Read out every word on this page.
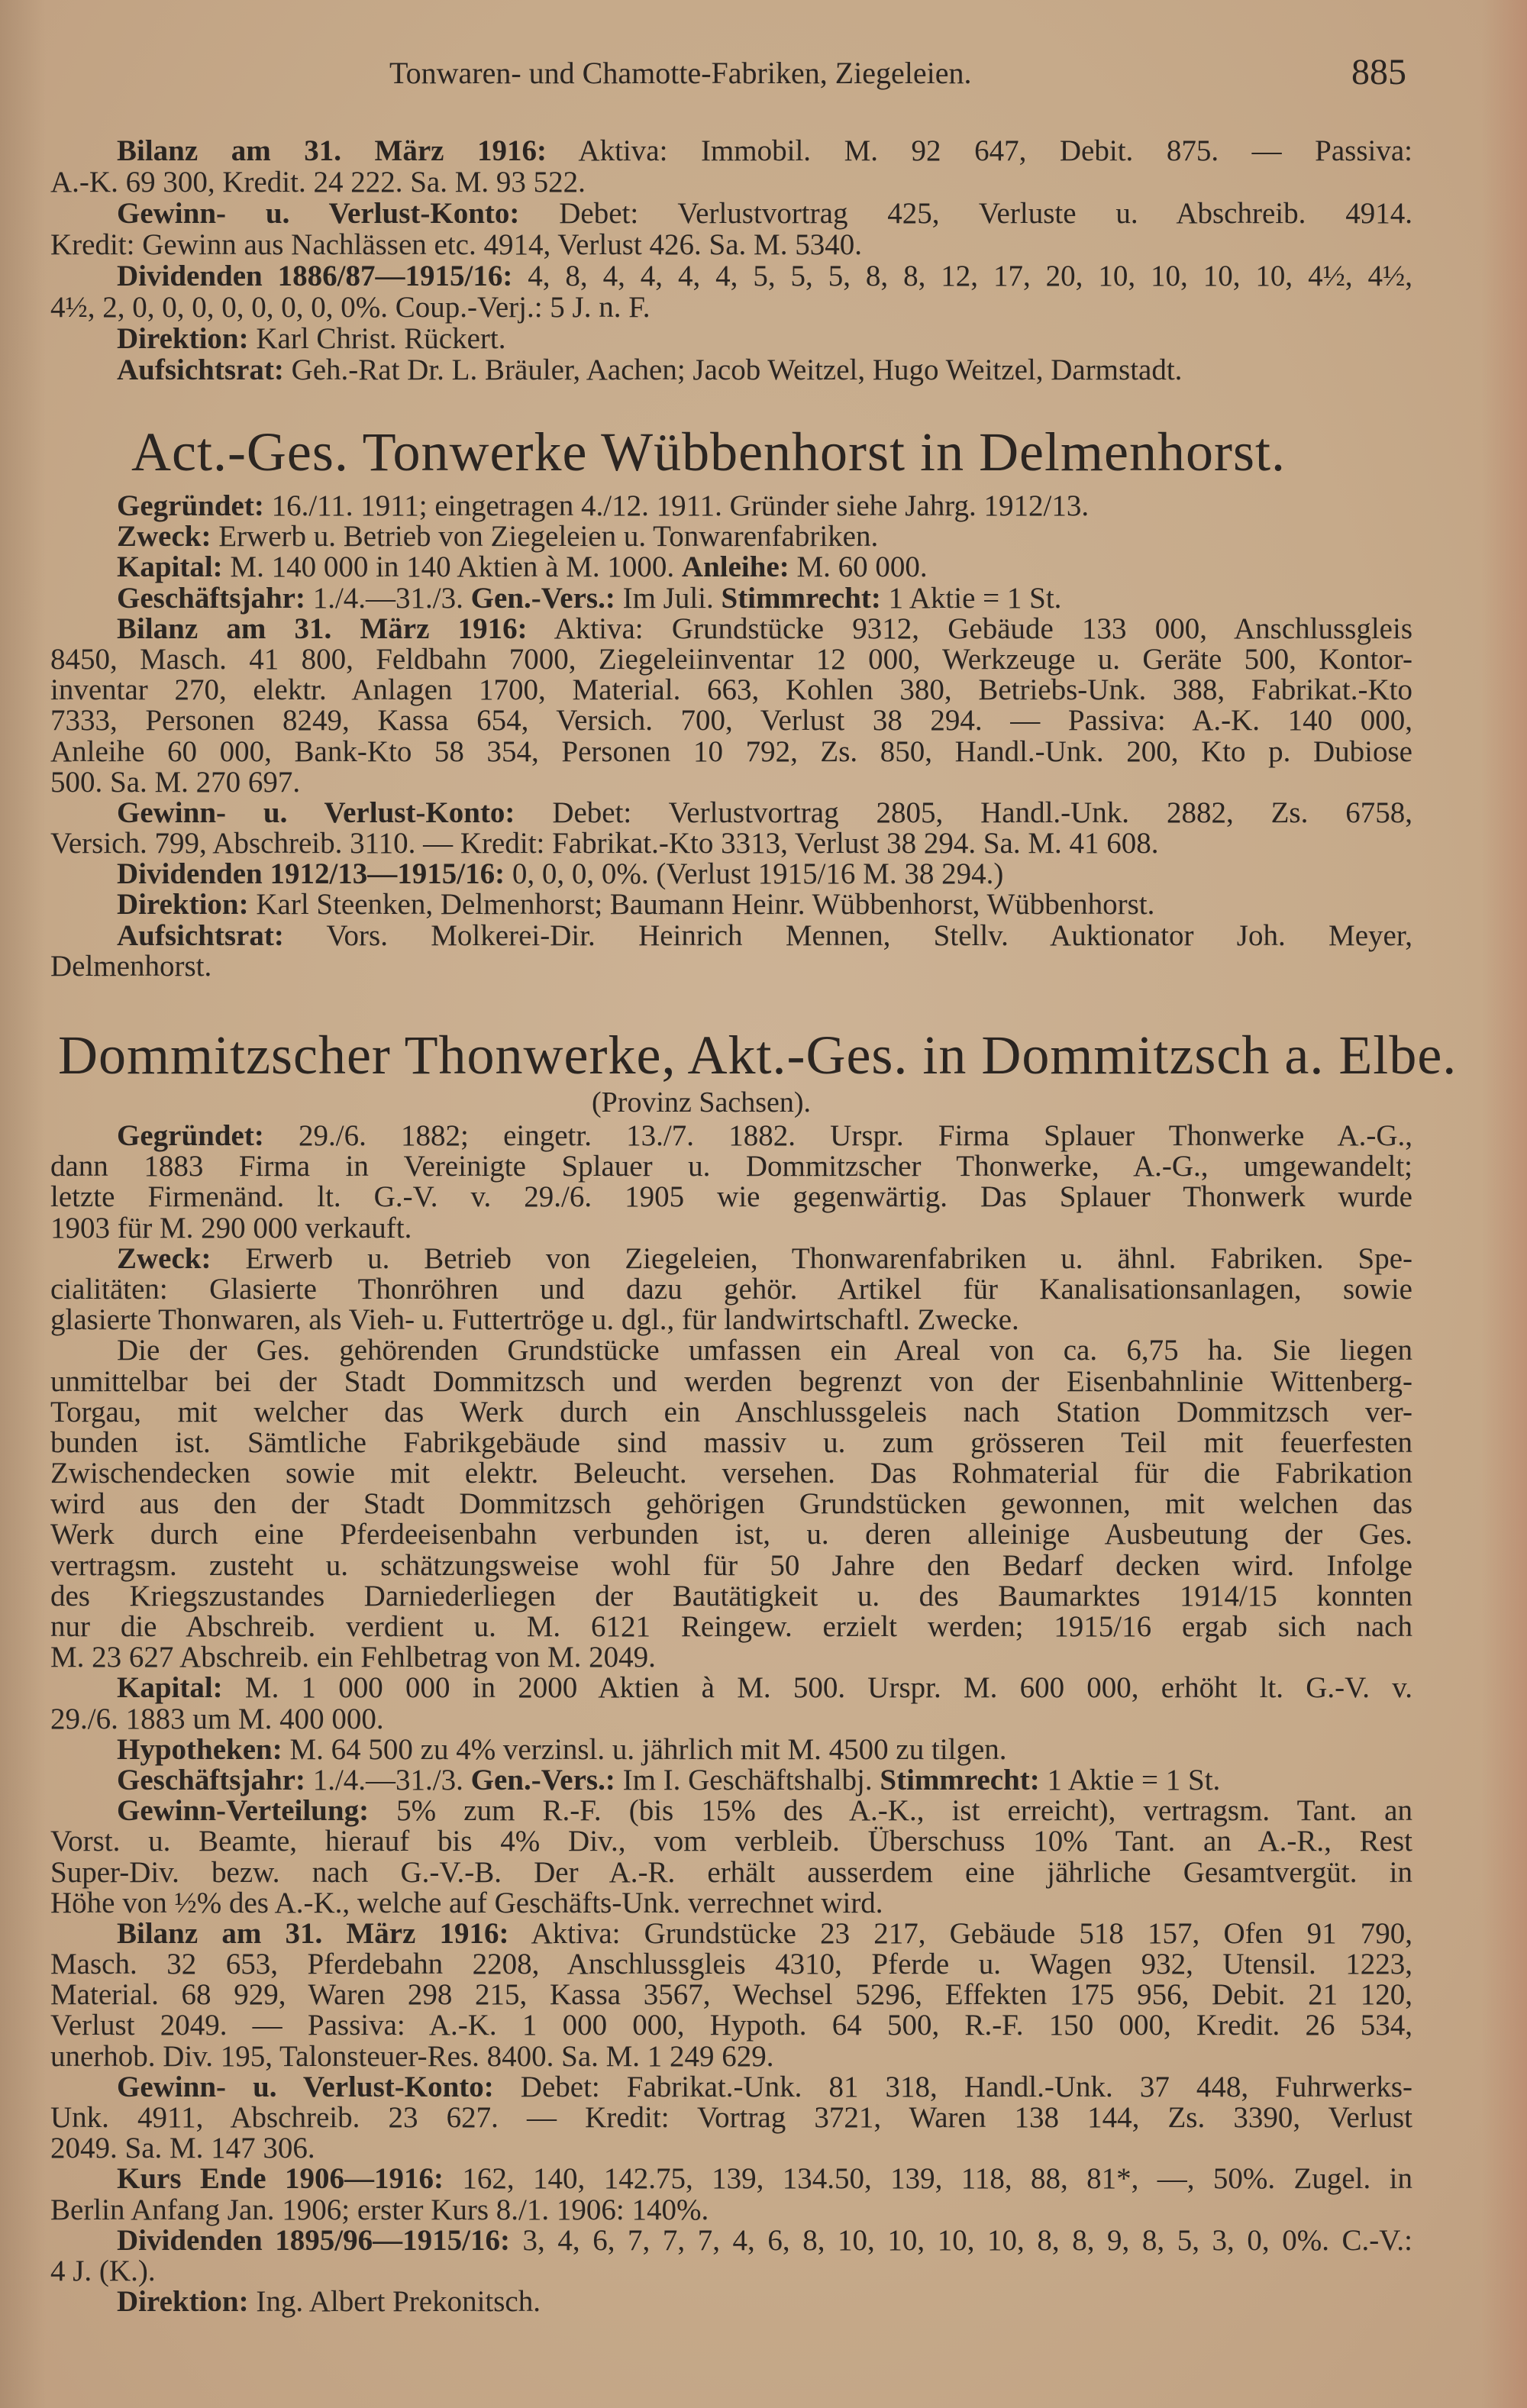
Tonwaren- und Chamotte-Fabriken, Ziegeleien.	885
Bilanz am 31. März 1916: Aktiva: Immobil. M. 92 647, Debit. 875. — Passiva:
A.-K. 69 300, Kredit. 24 222. Sa. M. 93 522.
Gewinn- u. Verlust-Konto: Debet: Verlustvortrag 425, Verluste u. Abschreib. 4914.
Kredit: Gewinn aus Nachlässen etc. 4914, Verlust 426. Sa. M. 5340.
Dividenden 1886/87—1915/16: 4, 8, 4, 4, 4, 4, 5, 5, 5, 8, 8, 12, 17, 20, 10, 10, 10, 10, 4½, 4½,
4½, 2, 0, 0, 0, 0, 0, 0, 0, 0%. Coup.-Verj.: 5 J. n. F.
Direktion: Karl Christ. Rückert.
Aufsichtsrat: Geh.-Rat Dr. L. Bräuler, Aachen; Jacob Weitzel, Hugo Weitzel, Darmstadt.
Act.-Ges. Tonwerke Wübbenhorst in Delmenhorst.
Gegründet: 16./11. 1911; eingetragen 4./12. 1911. Gründer siehe Jahrg. 1912/13.
Zweck: Erwerb u. Betrieb von Ziegeleien u. Tonwarenfabriken.
Kapital: M. 140 000 in 140 Aktien à M. 1000. Anleihe: M. 60 000.
Geschäftsjahr: 1./4.—31./3. Gen.-Vers.: Im Juli. Stimmrecht: 1 Aktie = 1 St.
Bilanz am 31. März 1916: Aktiva: Grundstücke 9312, Gebäude 133 000, Anschlussgleis
8450, Masch. 41 800, Feldbahn 7000, Ziegeleiinventar 12 000, Werkzeuge u. Geräte 500, Kontor-
inventar 270, elektr. Anlagen 1700, Material. 663, Kohlen 380, Betriebs-Unk. 388, Fabrikat.-Kto
7333, Personen 8249, Kassa 654, Versich. 700, Verlust 38 294. — Passiva: A.-K. 140 000,
Anleihe 60 000, Bank-Kto 58 354, Personen 10 792, Zs. 850, Handl.-Unk. 200, Kto p. Dubiose
500. Sa. M. 270 697.
Gewinn- u. Verlust-Konto: Debet: Verlustvortrag 2805, Handl.-Unk. 2882, Zs. 6758,
Versich. 799, Abschreib. 3110. — Kredit: Fabrikat.-Kto 3313, Verlust 38 294. Sa. M. 41 608.
Dividenden 1912/13—1915/16: 0, 0, 0, 0%. (Verlust 1915/16 M. 38 294.)
Direktion: Karl Steenken, Delmenhorst; Baumann Heinr. Wübbenhorst, Wübbenhorst.
Aufsichtsrat: Vors. Molkerei-Dir. Heinrich Mennen, Stellv. Auktionator Joh. Meyer,
Delmenhorst.
Dommitzscher Thonwerke, Akt.-Ges. in Dommitzsch a. Elbe.
(Provinz Sachsen).
Gegründet: 29./6. 1882; eingetr. 13./7. 1882. Urspr. Firma Splauer Thonwerke A.-G.,
dann 1883 Firma in Vereinigte Splauer u. Dommitzscher Thonwerke, A.-G., umgewandelt;
letzte Firmenänd. lt. G.-V. v. 29./6. 1905 wie gegenwärtig. Das Splauer Thonwerk wurde
1903 für M. 290 000 verkauft.
Zweck: Erwerb u. Betrieb von Ziegeleien, Thonwarenfabriken u. ähnl. Fabriken. Spe-
cialitäten: Glasierte Thonröhren und dazu gehör. Artikel für Kanalisationsanlagen, sowie
glasierte Thonwaren, als Vieh- u. Futtertröge u. dgl., für landwirtschaftl. Zwecke.
Die der Ges. gehörenden Grundstücke umfassen ein Areal von ca. 6,75 ha. Sie liegen
unmittelbar bei der Stadt Dommitzsch und werden begrenzt von der Eisenbahnlinie Wittenberg-
Torgau, mit welcher das Werk durch ein Anschlussgeleis nach Station Dommitzsch ver-
bunden ist. Sämtliche Fabrikgebäude sind massiv u. zum grösseren Teil mit feuerfesten
Zwischendecken sowie mit elektr. Beleucht. versehen. Das Rohmaterial für die Fabrikation
wird aus den der Stadt Dommitzsch gehörigen Grundstücken gewonnen, mit welchen das
Werk durch eine Pferdeeisenbahn verbunden ist, u. deren alleinige Ausbeutung der Ges.
vertragsm. zusteht u. schätzungsweise wohl für 50 Jahre den Bedarf decken wird. Infolge
des Kriegszustandes Darniederliegen der Bautätigkeit u. des Baumarktes 1914/15 konnten
nur die Abschreib. verdient u. M. 6121 Reingew. erzielt werden; 1915/16 ergab sich nach
M. 23 627 Abschreib. ein Fehlbetrag von M. 2049.
Kapital: M. 1 000 000 in 2000 Aktien à M. 500. Urspr. M. 600 000, erhöht lt. G.-V. v.
29./6. 1883 um M. 400 000.
Hypotheken: M. 64 500 zu 4% verzinsl. u. jährlich mit M. 4500 zu tilgen.
Geschäftsjahr: 1./4.—31./3. Gen.-Vers.: Im I. Geschäftshalbj. Stimmrecht: 1 Aktie = 1 St.
Gewinn-Verteilung: 5% zum R.-F. (bis 15% des A.-K., ist erreicht), vertragsm. Tant. an
Vorst. u. Beamte, hierauf bis 4% Div., vom verbleib. Überschuss 10% Tant. an A.-R., Rest
Super-Div. bezw. nach G.-V.-B. Der A.-R. erhält ausserdem eine jährliche Gesamtvergüt. in
Höhe von ½% des A.-K., welche auf Geschäfts-Unk. verrechnet wird.
Bilanz am 31. März 1916: Aktiva: Grundstücke 23 217, Gebäude 518 157, Ofen 91 790,
Masch. 32 653, Pferdebahn 2208, Anschlussgleis 4310, Pferde u. Wagen 932, Utensil. 1223,
Material. 68 929, Waren 298 215, Kassa 3567, Wechsel 5296, Effekten 175 956, Debit. 21 120,
Verlust 2049. — Passiva: A.-K. 1 000 000, Hypoth. 64 500, R.-F. 150 000, Kredit. 26 534,
unerhob. Div. 195, Talonsteuer-Res. 8400. Sa. M. 1 249 629.
Gewinn- u. Verlust-Konto: Debet: Fabrikat.-Unk. 81 318, Handl.-Unk. 37 448, Fuhrwerks-
Unk. 4911, Abschreib. 23 627. — Kredit: Vortrag 3721, Waren 138 144, Zs. 3390, Verlust
2049. Sa. M. 147 306.
Kurs Ende 1906—1916: 162, 140, 142.75, 139, 134.50, 139, 118, 88, 81*, —, 50%. Zugel. in
Berlin Anfang Jan. 1906; erster Kurs 8./1. 1906: 140%.
Dividenden 1895/96—1915/16: 3, 4, 6, 7, 7, 7, 4, 6, 8, 10, 10, 10, 10, 8, 8, 9, 8, 5, 3, 0, 0%. C.-V.:
4 J. (K.).
Direktion: Ing. Albert Prekonitsch.
